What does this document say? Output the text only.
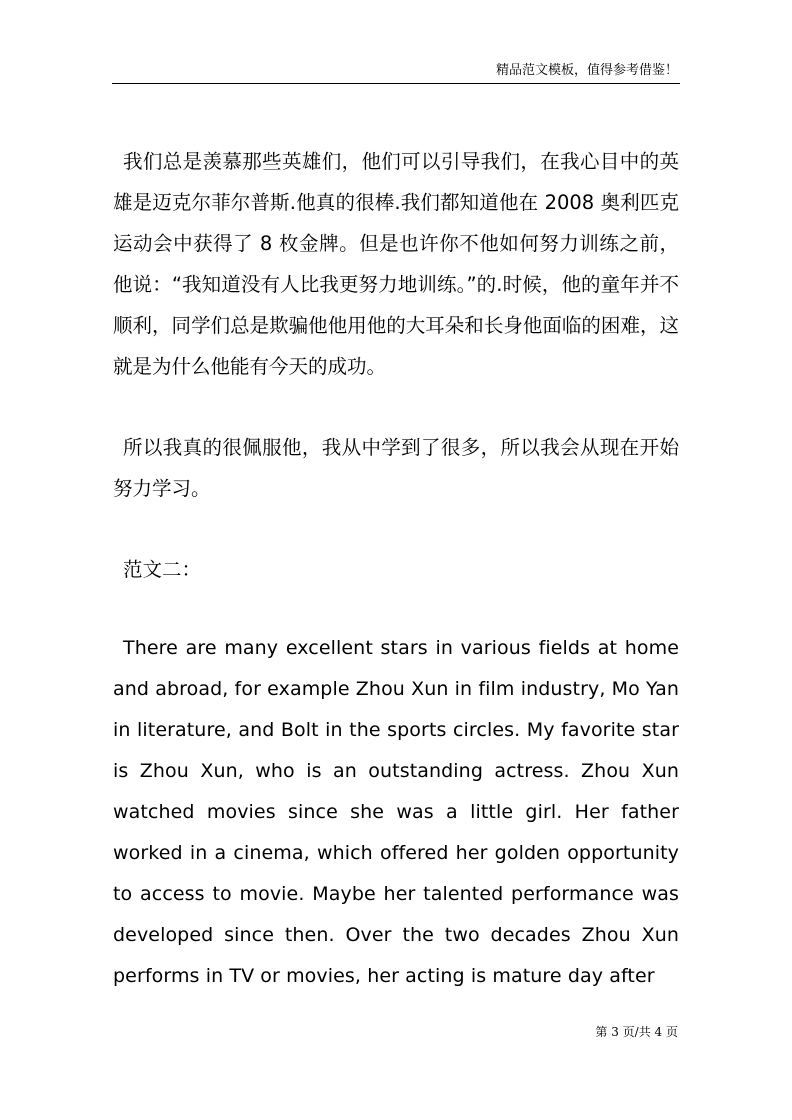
精品范文模板，值得参考借鉴！

我们总是羡慕那些英雄们，他们可以引导我们，在我心目中的英雄是迈克尔菲尔普斯.他真的很棒.我们都知道他在 2008 奥利匹克运动会中获得了 8 枚金牌。但是也许你不他如何努力训练之前，他说：“我知道没有人比我更努力地训练。”的.时候，他的童年并不顺利，同学们总是欺骗他他用他的大耳朵和长身他面临的困难，这就是为什么他能有今天的成功。

所以我真的很佩服他，我从中学到了很多，所以我会从现在开始努力学习。

范文二：

There are many excellent stars in various fields at home and abroad, for example Zhou Xun in film industry, Mo Yan in literature, and Bolt in the sports circles. My favorite star is Zhou Xun, who is an outstanding actress. Zhou Xun watched movies since she was a little girl. Her father worked in a cinema, which offered her golden opportunity to access to movie. Maybe her talented performance was developed since then. Over the two decades Zhou Xun performs in TV or movies, her acting is mature day after

第 3 页/共 4 页
